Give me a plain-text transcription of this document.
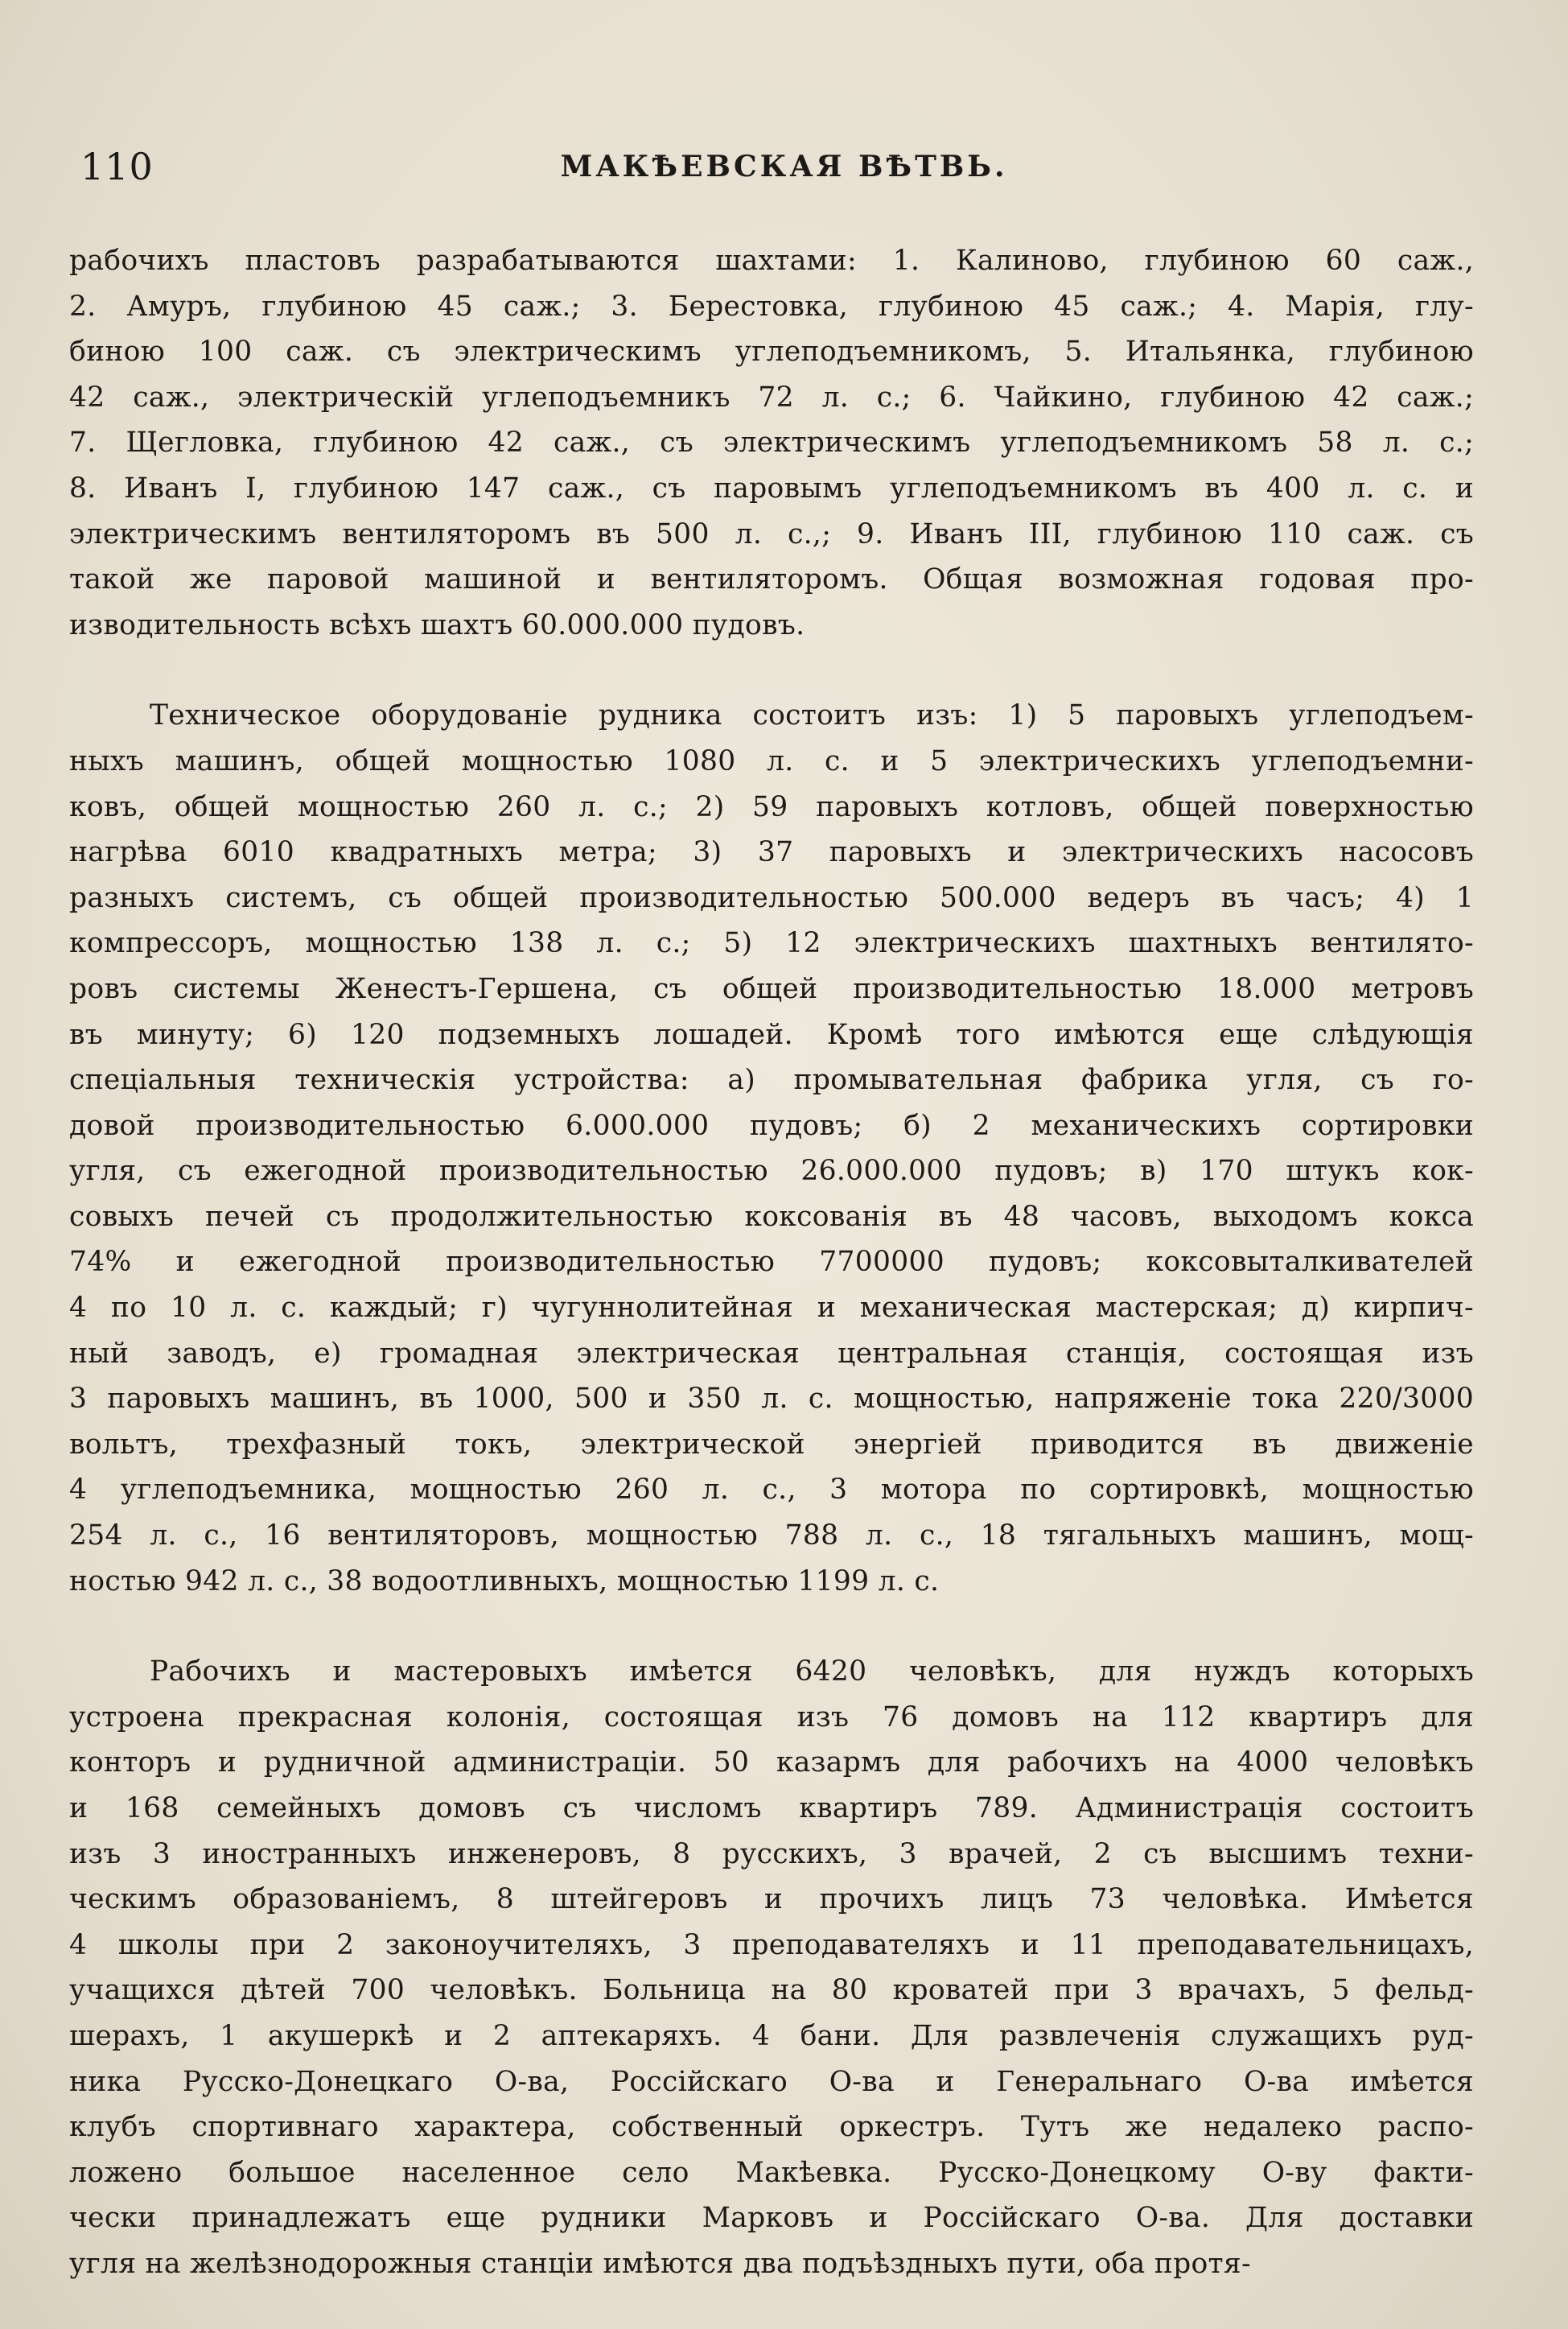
110	МАКѢЕВСКАЯ ВѢТВЬ.
рабочихъ пластовъ разрабатываются шахтами: 1. Калиново, глубиною 60 саж.,
2. Амуръ, глубиною 45 саж.; 3. Берестовка, глубиною 45 саж.; 4. Марія, глу-
биною 100 саж. съ электрическимъ углеподъемникомъ, 5. Итальянка, глубиною
42 саж., электрическій углеподъемникъ 72 л. с.; 6. Чайкино, глубиною 42 саж.;
7. Щегловка, глубиною 42 саж., съ электрическимъ углеподъемникомъ 58 л. с.;
8. Иванъ I, глубиною 147 саж., съ паровымъ углеподъемникомъ въ 400 л. с. и
электрическимъ вентиляторомъ въ 500 л. с.,; 9. Иванъ III, глубиною 110 саж. съ
такой же паровой машиной и вентиляторомъ. Общая возможная годовая про-
изводительность всѣхъ шахтъ 60.000.000 пудовъ.
Техническое оборудованіе рудника состоитъ изъ: 1) 5 паровыхъ углеподъем-
ныхъ машинъ, общей мощностью 1080 л. с. и 5 электрическихъ углеподъемни-
ковъ, общей мощностью 260 л. с.; 2) 59 паровыхъ котловъ, общей поверхностью
нагрѣва 6010 квадратныхъ метра; 3) 37 паровыхъ и электрическихъ насосовъ
разныхъ системъ, съ общей производительностью 500.000 ведеръ въ часъ; 4) 1
компрессоръ, мощностью 138 л. с.; 5) 12 электрическихъ шахтныхъ вентилято-
ровъ системы Женестъ-Гершена, съ общей производительностью 18.000 метровъ
въ минуту; 6) 120 подземныхъ лошадей. Кромѣ того имѣются еще слѣдующія
спеціальныя техническія устройства: а) промывательная фабрика угля, съ го-
довой производительностью 6.000.000 пудовъ; б) 2 механическихъ сортировки
угля, съ ежегодной производительностью 26.000.000 пудовъ; в) 170 штукъ кок-
совыхъ печей съ продолжительностью коксованія въ 48 часовъ, выходомъ кокса
74% и ежегодной производительностью 7700000 пудовъ; коксовыталкивателей
4 по 10 л. с. каждый; г) чугуннолитейная и механическая мастерская; д) кирпич-
ный заводъ, е) громадная электрическая центральная станція, состоящая изъ
3 паровыхъ машинъ, въ 1000, 500 и 350 л. с. мощностью, напряженіе тока 220/3000
вольтъ, трехфазный токъ, электрической энергіей приводится въ движеніе
4 углеподъемника, мощностью 260 л. с., 3 мотора по сортировкѣ, мощностью
254 л. с., 16 вентиляторовъ, мощностью 788 л. с., 18 тягальныхъ машинъ, мощ-
ностью 942 л. с., 38 водоотливныхъ, мощностью 1199 л. с.
Рабочихъ и мастеровыхъ имѣется 6420 человѣкъ, для нуждъ которыхъ
устроена прекрасная колонія, состоящая изъ 76 домовъ на 112 квартиръ для
конторъ и рудничной администраціи. 50 казармъ для рабочихъ на 4000 человѣкъ
и 168 семейныхъ домовъ съ числомъ квартиръ 789. Администрація состоитъ
изъ 3 иностранныхъ инженеровъ, 8 русскихъ, 3 врачей, 2 съ высшимъ техни-
ческимъ образованіемъ, 8 штейгеровъ и прочихъ лицъ 73 человѣка. Имѣется
4 школы при 2 законоучителяхъ, 3 преподавателяхъ и 11 преподавательницахъ,
учащихся дѣтей 700 человѣкъ. Больница на 80 кроватей при 3 врачахъ, 5 фельд-
шерахъ, 1 акушеркѣ и 2 аптекаряхъ. 4 бани. Для развлеченія служащихъ руд-
ника Русско-Донецкаго О-ва, Россійскаго О-ва и Генеральнаго О-ва имѣется
клубъ спортивнаго характера, собственный оркестръ. Тутъ же недалеко распо-
ложено большое населенное село Макѣевка. Русско-Донецкому О-ву факти-
чески принадлежатъ еще рудники Марковъ и Россійскаго О-ва. Для доставки
угля на желѣзнодорожныя станціи имѣются два подъѣздныхъ пути, оба протя-
